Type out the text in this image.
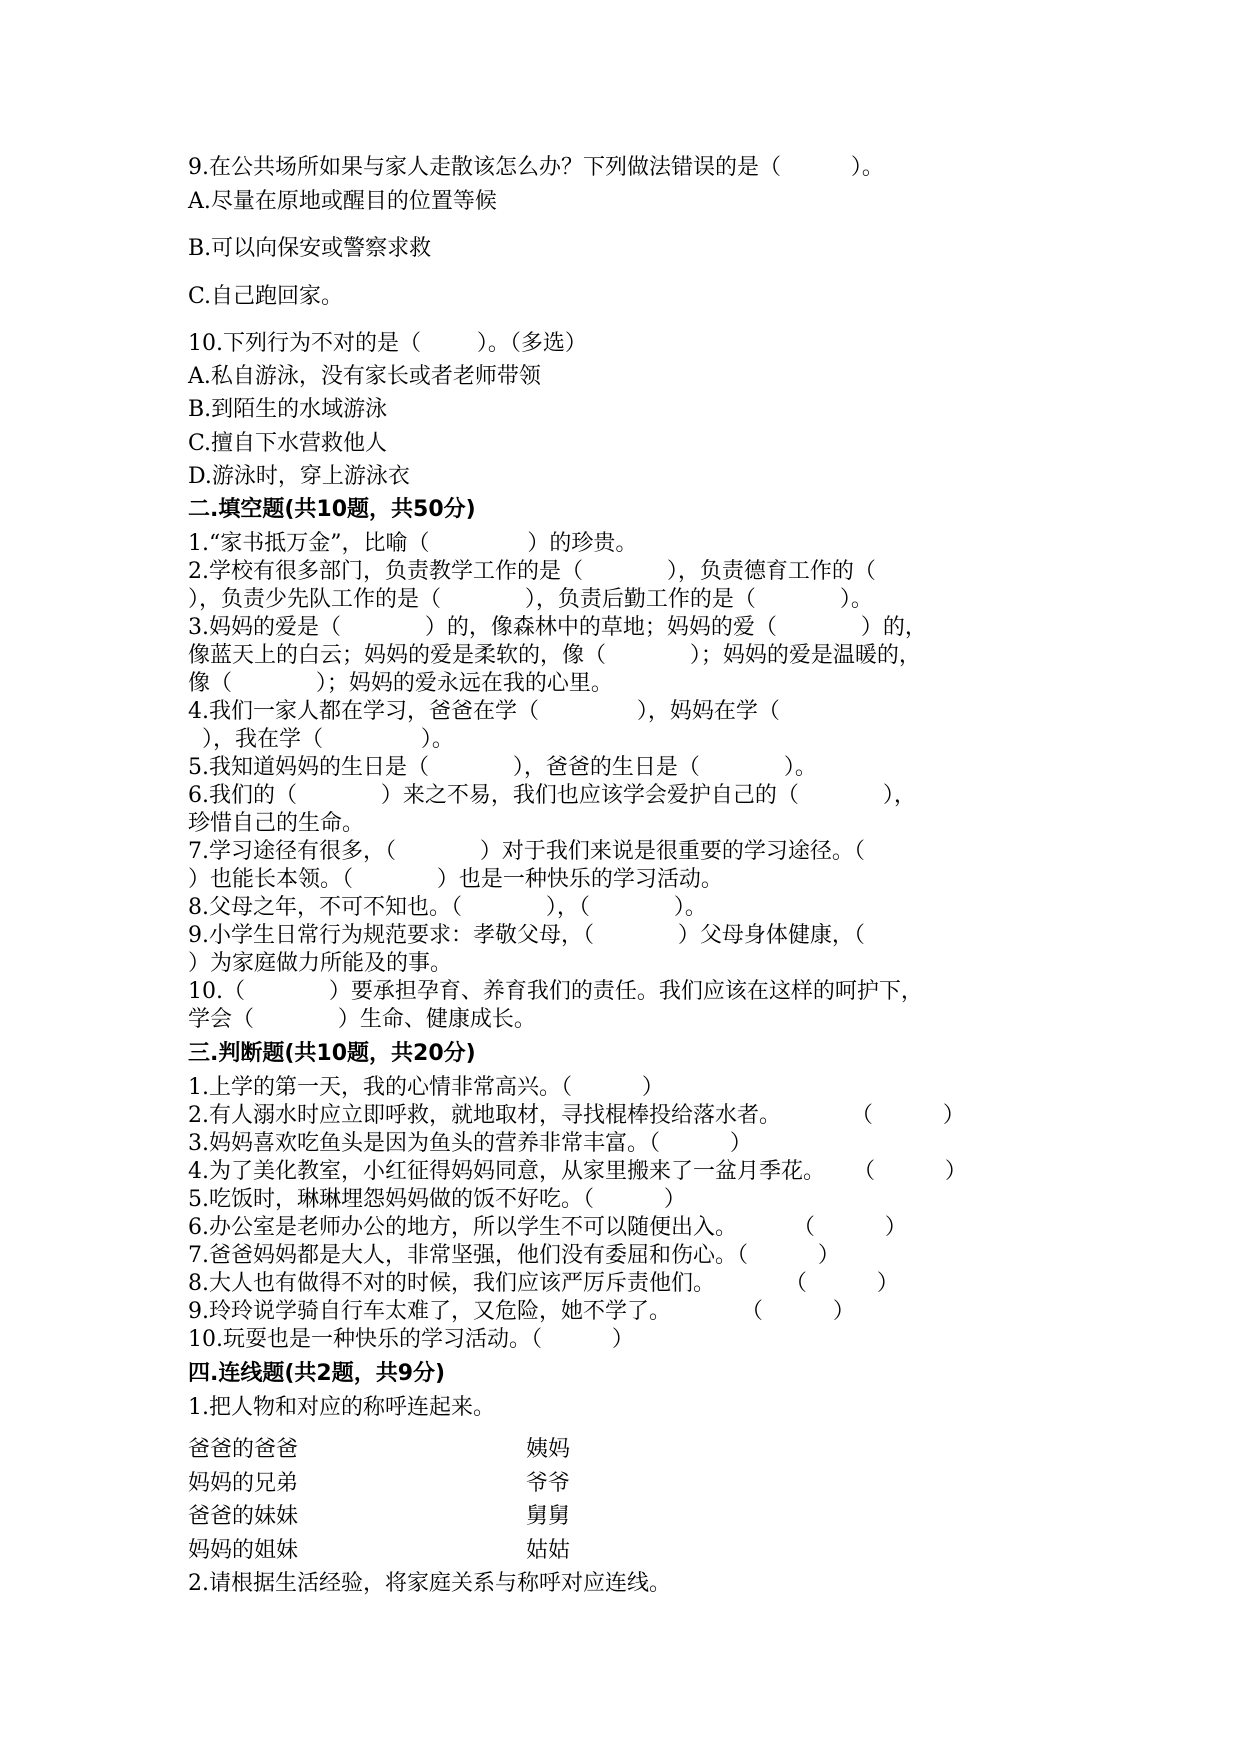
9.在公共场所如果与家人走散该怎么办？下列做法错误的是（          ）。
A.尽量在原地或醒目的位置等候
B.可以向保安或警察求救
C.自己跑回家。
10.下列行为不对的是（        ）。（多选）
A.私自游泳，没有家长或者老师带领
B.到陌生的水域游泳
C.擅自下水营救他人
D.游泳时，穿上游泳衣
二.填空题(共10题，共50分)
1.“家书抵万金”，比喻（              ）的珍贵。
2.学校有很多部门，负责教学工作的是（            ），负责德育工作的（
），负责少先队工作的是（            ），负责后勤工作的是（            ）。
3.妈妈的爱是（            ）的，像森林中的草地；妈妈的爱（            ）的，
像蓝天上的白云；妈妈的爱是柔软的，像（            ）；妈妈的爱是温暖的，
像（            ）；妈妈的爱永远在我的心里。
4.我们一家人都在学习，爸爸在学（              ），妈妈在学（
），我在学（              ）。
5.我知道妈妈的生日是（            ），爸爸的生日是（            ）。
6.我们的（            ）来之不易，我们也应该学会爱护自己的（            ），
珍惜自己的生命。
7.学习途径有很多，（            ）对于我们来说是很重要的学习途径。（
）也能长本领。（            ）也是一种快乐的学习活动。
8.父母之年，不可不知也。（            ），（            ）。
9.小学生日常行为规范要求：孝敬父母，（            ）父母身体健康，（
）为家庭做力所能及的事。
10.（            ）要承担孕育、养育我们的责任。我们应该在这样的呵护下，
学会（            ）生命、健康成长。
三.判断题(共10题，共20分)
1.上学的第一天，我的心情非常高兴。（          ）
2.有人溺水时应立即呼救，就地取材，寻找棍棒投给落水者。          （          ）
3.妈妈喜欢吃鱼头是因为鱼头的营养非常丰富。（          ）
4.为了美化教室，小红征得妈妈同意，从家里搬来了一盆月季花。    （          ）
5.吃饭时，琳琳埋怨妈妈做的饭不好吃。（          ）
6.办公室是老师办公的地方，所以学生不可以随便出入。        （          ）
7.爸爸妈妈都是大人，非常坚强，他们没有委屈和伤心。（          ）
8.大人也有做得不对的时候，我们应该严厉斥责他们。          （          ）
9.玲玲说学骑自行车太难了，又危险，她不学了。          （          ）
10.玩耍也是一种快乐的学习活动。（          ）
四.连线题(共2题，共9分)
1.把人物和对应的称呼连起来。
爸爸的爸爸	姨妈
妈妈的兄弟	爷爷
爸爸的妹妹	舅舅
妈妈的姐妹	姑姑
2.请根据生活经验，将家庭关系与称呼对应连线。
